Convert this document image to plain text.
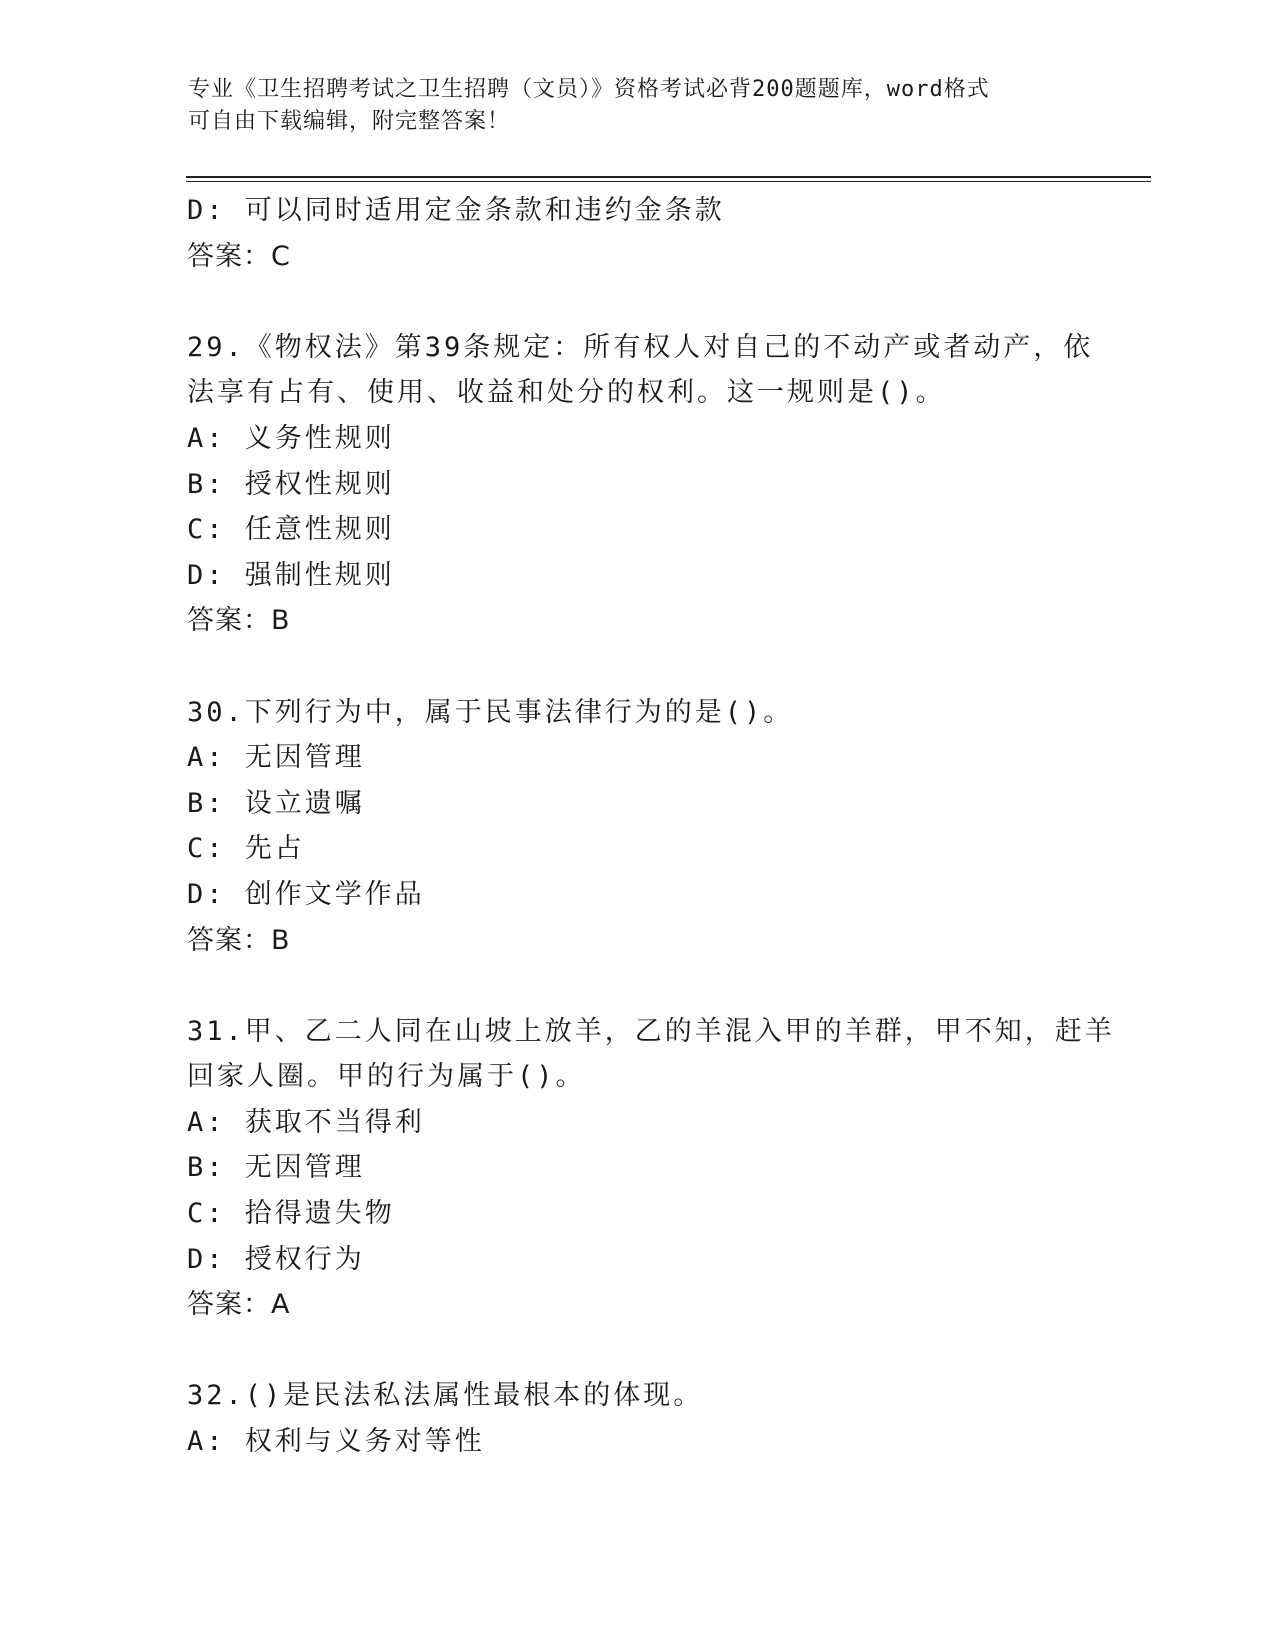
专业《卫生招聘考试之卫生招聘（文员）》资格考试必背200题题库，word格式
可自由下载编辑，附完整答案！
D: 可以同时适用定金条款和违约金条款
答案：C
29.《物权法》第39条规定：所有权人对自己的不动产或者动产，依
法享有占有、使用、收益和处分的权利。这一规则是()。
A: 义务性规则
B: 授权性规则
C: 任意性规则
D: 强制性规则
答案：B
30.下列行为中，属于民事法律行为的是()。
A: 无因管理
B: 设立遗嘱
C: 先占
D: 创作文学作品
答案：B
31.甲、乙二人同在山坡上放羊，乙的羊混入甲的羊群，甲不知，赶羊
回家人圈。甲的行为属于()。
A: 获取不当得利
B: 无因管理
C: 拾得遗失物
D: 授权行为
答案：A
32.()是民法私法属性最根本的体现。
A: 权利与义务对等性
